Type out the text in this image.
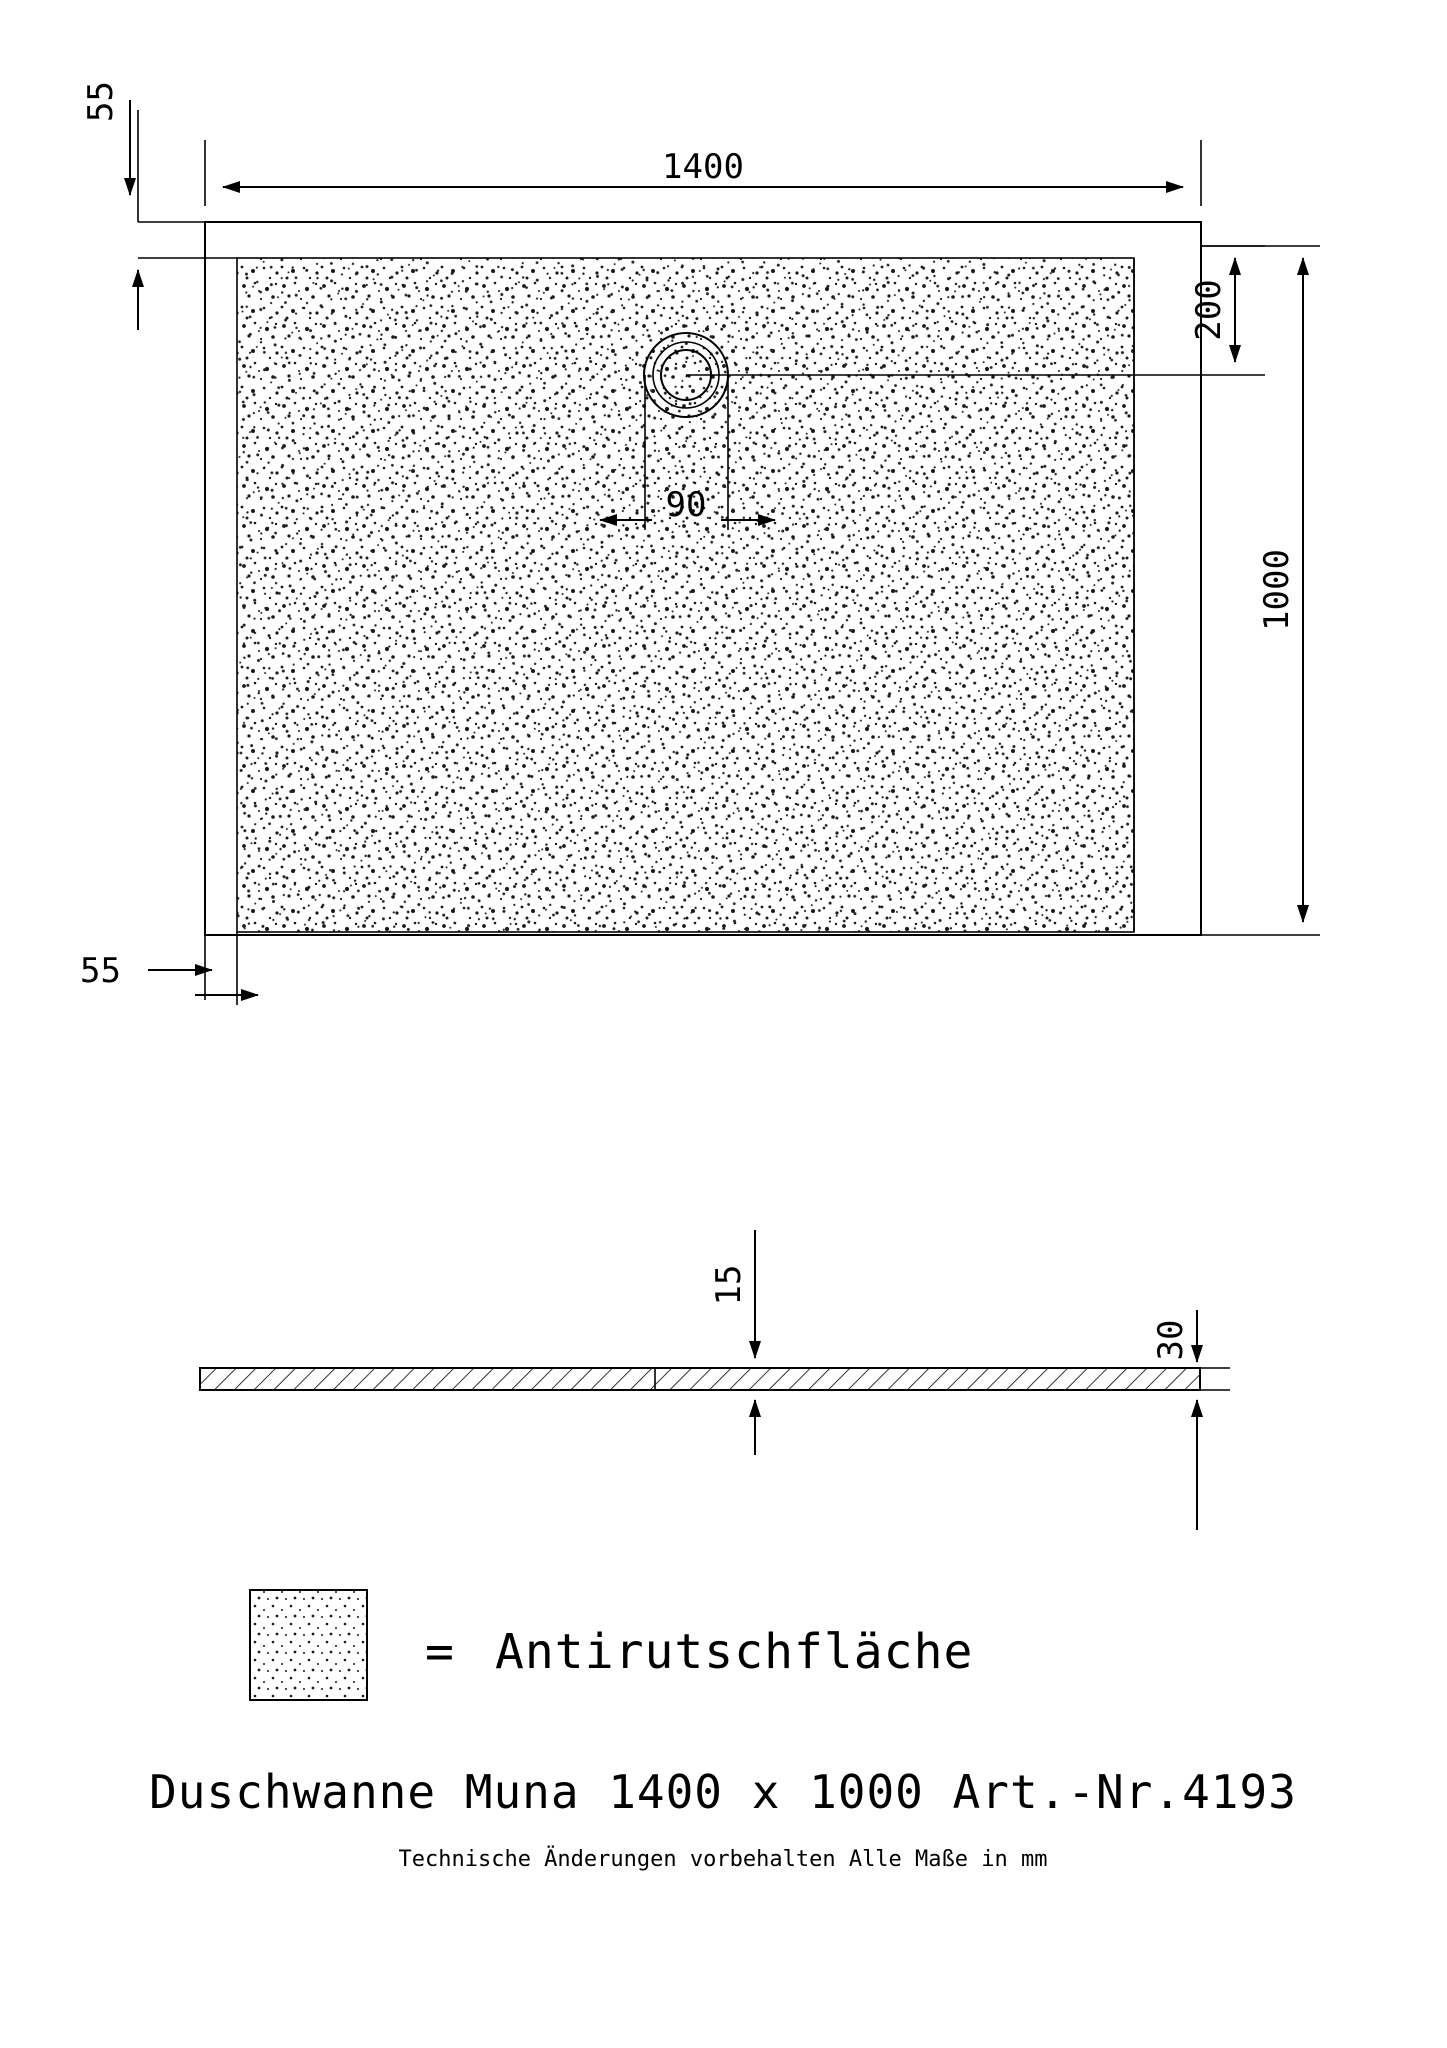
1400
55
55
1000
200
90
15
30
= Antirutschfläche
Duschwanne Muna 1400 x 1000 Art.-Nr.4193
Technische Änderungen vorbehalten Alle Maße in mm
